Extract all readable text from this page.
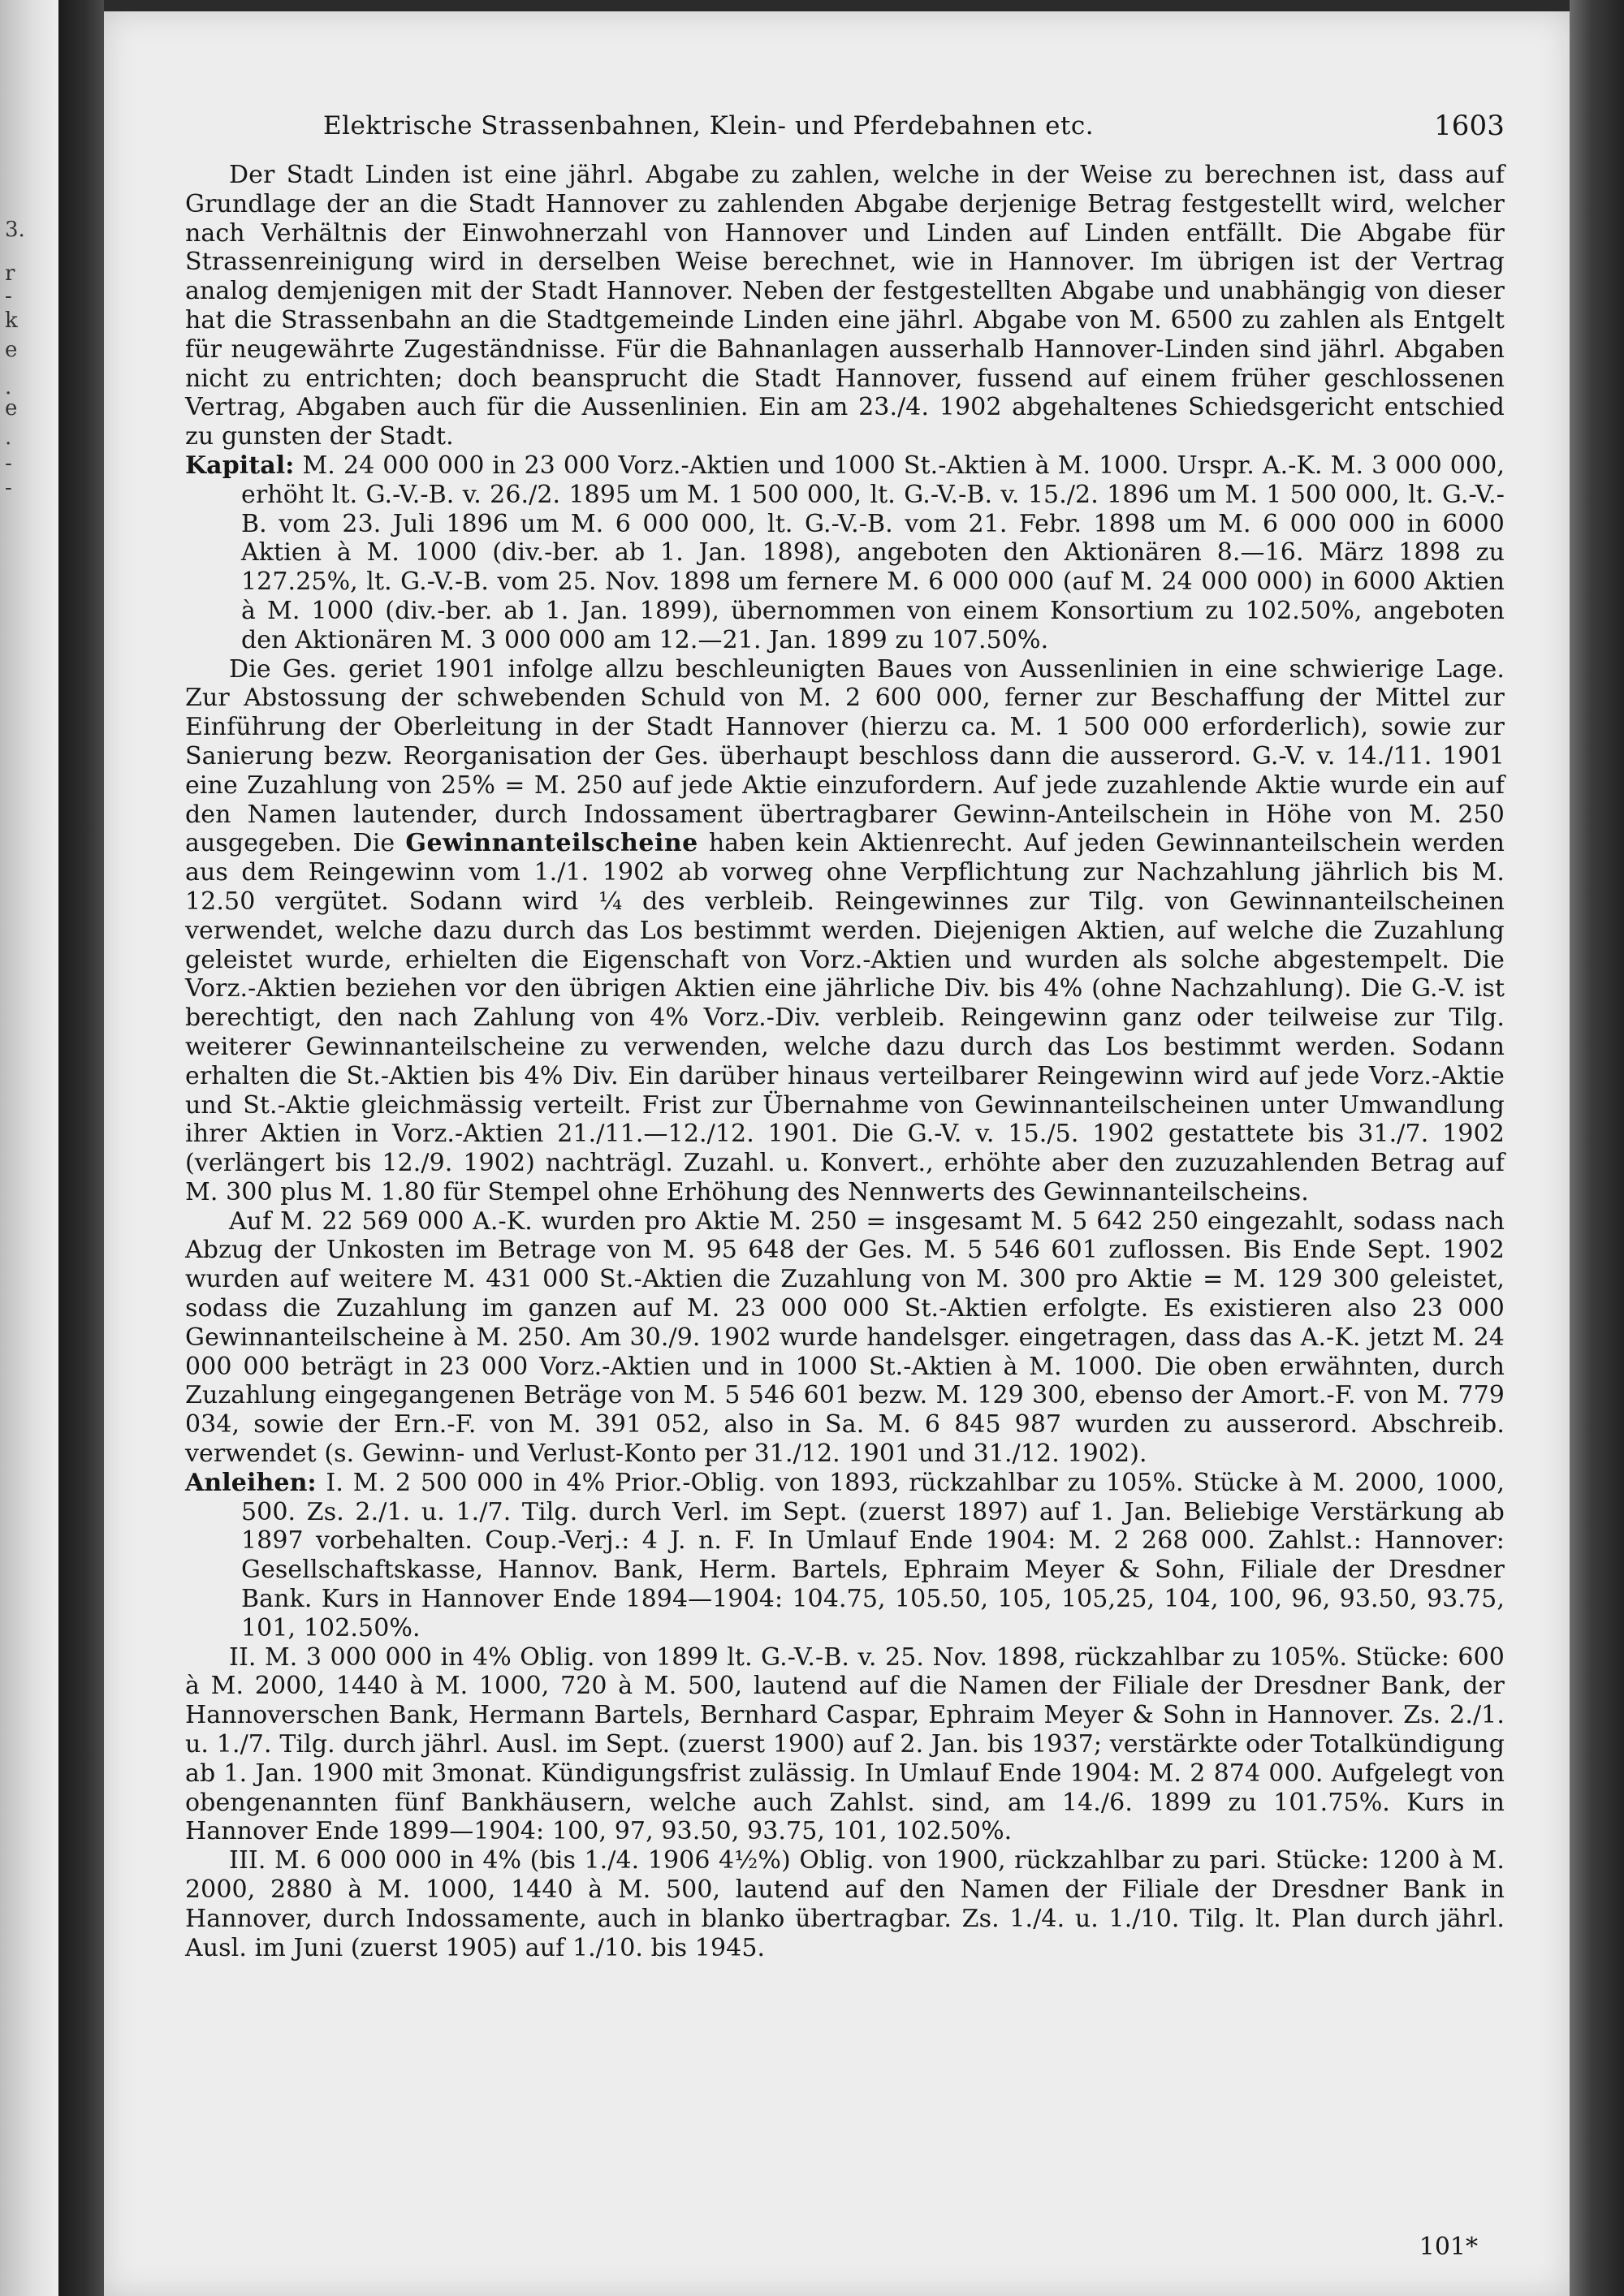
3.
r
-
k
e
.
e
.
-
-
Elektrische Strassenbahnen, Klein- und Pferdebahnen etc.	1603

Der Stadt Linden ist eine jährl. Abgabe zu zahlen, welche in der Weise zu berechnen ist, dass auf Grundlage der an die Stadt Hannover zu zahlenden Abgabe derjenige Betrag festgestellt wird, welcher nach Verhältnis der Einwohnerzahl von Hannover und Linden auf Linden entfällt. Die Abgabe für Strassenreinigung wird in derselben Weise berechnet, wie in Hannover. Im übrigen ist der Vertrag analog demjenigen mit der Stadt Hannover. Neben der festgestellten Abgabe und unabhängig von dieser hat die Strassenbahn an die Stadtgemeinde Linden eine jährl. Abgabe von M. 6500 zu zahlen als Entgelt für neugewährte Zugeständnisse. Für die Bahnanlagen ausserhalb Hannover-Linden sind jährl. Abgaben nicht zu entrichten; doch beansprucht die Stadt Hannover, fussend auf einem früher geschlossenen Vertrag, Abgaben auch für die Aussenlinien. Ein am 23./4. 1902 abgehaltenes Schiedsgericht entschied zu gunsten der Stadt.

Kapital: M. 24 000 000 in 23 000 Vorz.-Aktien und 1000 St.-Aktien à M. 1000. Urspr. A.-K. M. 3 000 000, erhöht lt. G.-V.-B. v. 26./2. 1895 um M. 1 500 000, lt. G.-V.-B. v. 15./2. 1896 um M. 1 500 000, lt. G.-V.-B. vom 23. Juli 1896 um M. 6 000 000, lt. G.-V.-B. vom 21. Febr. 1898 um M. 6 000 000 in 6000 Aktien à M. 1000 (div.-ber. ab 1. Jan. 1898), angeboten den Aktionären 8.—16. März 1898 zu 127.25%, lt. G.-V.-B. vom 25. Nov. 1898 um fernere M. 6 000 000 (auf M. 24 000 000) in 6000 Aktien à M. 1000 (div.-ber. ab 1. Jan. 1899), übernommen von einem Konsortium zu 102.50%, angeboten den Aktionären M. 3 000 000 am 12.—21. Jan. 1899 zu 107.50%.

Die Ges. geriet 1901 infolge allzu beschleunigten Baues von Aussenlinien in eine schwierige Lage. Zur Abstossung der schwebenden Schuld von M. 2 600 000, ferner zur Beschaffung der Mittel zur Einführung der Oberleitung in der Stadt Hannover (hierzu ca. M. 1 500 000 erforderlich), sowie zur Sanierung bezw. Reorganisation der Ges. überhaupt beschloss dann die ausserord. G.-V. v. 14./11. 1901 eine Zuzahlung von 25% = M. 250 auf jede Aktie einzufordern. Auf jede zuzahlende Aktie wurde ein auf den Namen lautender, durch Indossament übertragbarer Gewinn-Anteilschein in Höhe von M. 250 ausgegeben. Die Gewinnanteilscheine haben kein Aktienrecht. Auf jeden Gewinnanteilschein werden aus dem Reingewinn vom 1./1. 1902 ab vorweg ohne Verpflichtung zur Nachzahlung jährlich bis M. 12.50 vergütet. Sodann wird ¼ des verbleib. Reingewinnes zur Tilg. von Gewinnanteilscheinen verwendet, welche dazu durch das Los bestimmt werden. Diejenigen Aktien, auf welche die Zuzahlung geleistet wurde, erhielten die Eigenschaft von Vorz.-Aktien und wurden als solche abgestempelt. Die Vorz.-Aktien beziehen vor den übrigen Aktien eine jährliche Div. bis 4% (ohne Nachzahlung). Die G.-V. ist berechtigt, den nach Zahlung von 4% Vorz.-Div. verbleib. Reingewinn ganz oder teilweise zur Tilg. weiterer Gewinnanteilscheine zu verwenden, welche dazu durch das Los bestimmt werden. Sodann erhalten die St.-Aktien bis 4% Div. Ein darüber hinaus verteilbarer Reingewinn wird auf jede Vorz.-Aktie und St.-Aktie gleichmässig verteilt. Frist zur Übernahme von Gewinnanteilscheinen unter Umwandlung ihrer Aktien in Vorz.-Aktien 21./11.—12./12. 1901. Die G.-V. v. 15./5. 1902 gestattete bis 31./7. 1902 (verlängert bis 12./9. 1902) nachträgl. Zuzahl. u. Konvert., erhöhte aber den zuzuzahlenden Betrag auf M. 300 plus M. 1.80 für Stempel ohne Erhöhung des Nennwerts des Gewinnanteilscheins.

Auf M. 22 569 000 A.-K. wurden pro Aktie M. 250 = insgesamt M. 5 642 250 eingezahlt, sodass nach Abzug der Unkosten im Betrage von M. 95 648 der Ges. M. 5 546 601 zuflossen. Bis Ende Sept. 1902 wurden auf weitere M. 431 000 St.-Aktien die Zuzahlung von M. 300 pro Aktie = M. 129 300 geleistet, sodass die Zuzahlung im ganzen auf M. 23 000 000 St.-Aktien erfolgte. Es existieren also 23 000 Gewinnanteilscheine à M. 250. Am 30./9. 1902 wurde handelsger. eingetragen, dass das A.-K. jetzt M. 24 000 000 beträgt in 23 000 Vorz.-Aktien und in 1000 St.-Aktien à M. 1000. Die oben erwähnten, durch Zuzahlung eingegangenen Beträge von M. 5 546 601 bezw. M. 129 300, ebenso der Amort.-F. von M. 779 034, sowie der Ern.-F. von M. 391 052, also in Sa. M. 6 845 987 wurden zu ausserord. Abschreib. verwendet (s. Gewinn- und Verlust-Konto per 31./12. 1901 und 31./12. 1902).

Anleihen: I. M. 2 500 000 in 4% Prior.-Oblig. von 1893, rückzahlbar zu 105%. Stücke à M. 2000, 1000, 500. Zs. 2./1. u. 1./7. Tilg. durch Verl. im Sept. (zuerst 1897) auf 1. Jan. Beliebige Verstärkung ab 1897 vorbehalten. Coup.-Verj.: 4 J. n. F. In Umlauf Ende 1904: M. 2 268 000. Zahlst.: Hannover: Gesellschaftskasse, Hannov. Bank, Herm. Bartels, Ephraim Meyer & Sohn, Filiale der Dresdner Bank. Kurs in Hannover Ende 1894—1904: 104.75, 105.50, 105, 105,25, 104, 100, 96, 93.50, 93.75, 101, 102.50%.

II. M. 3 000 000 in 4% Oblig. von 1899 lt. G.-V.-B. v. 25. Nov. 1898, rückzahlbar zu 105%. Stücke: 600 à M. 2000, 1440 à M. 1000, 720 à M. 500, lautend auf die Namen der Filiale der Dresdner Bank, der Hannoverschen Bank, Hermann Bartels, Bernhard Caspar, Ephraim Meyer & Sohn in Hannover. Zs. 2./1. u. 1./7. Tilg. durch jährl. Ausl. im Sept. (zuerst 1900) auf 2. Jan. bis 1937; verstärkte oder Totalkündigung ab 1. Jan. 1900 mit 3monat. Kündigungsfrist zulässig. In Umlauf Ende 1904: M. 2 874 000. Aufgelegt von obengenannten fünf Bankhäusern, welche auch Zahlst. sind, am 14./6. 1899 zu 101.75%. Kurs in Hannover Ende 1899—1904: 100, 97, 93.50, 93.75, 101, 102.50%.

III. M. 6 000 000 in 4% (bis 1./4. 1906 4½%) Oblig. von 1900, rückzahlbar zu pari. Stücke: 1200 à M. 2000, 2880 à M. 1000, 1440 à M. 500, lautend auf den Namen der Filiale der Dresdner Bank in Hannover, durch Indossamente, auch in blanko übertragbar. Zs. 1./4. u. 1./10. Tilg. lt. Plan durch jährl. Ausl. im Juni (zuerst 1905) auf 1./10. bis 1945.

101*
